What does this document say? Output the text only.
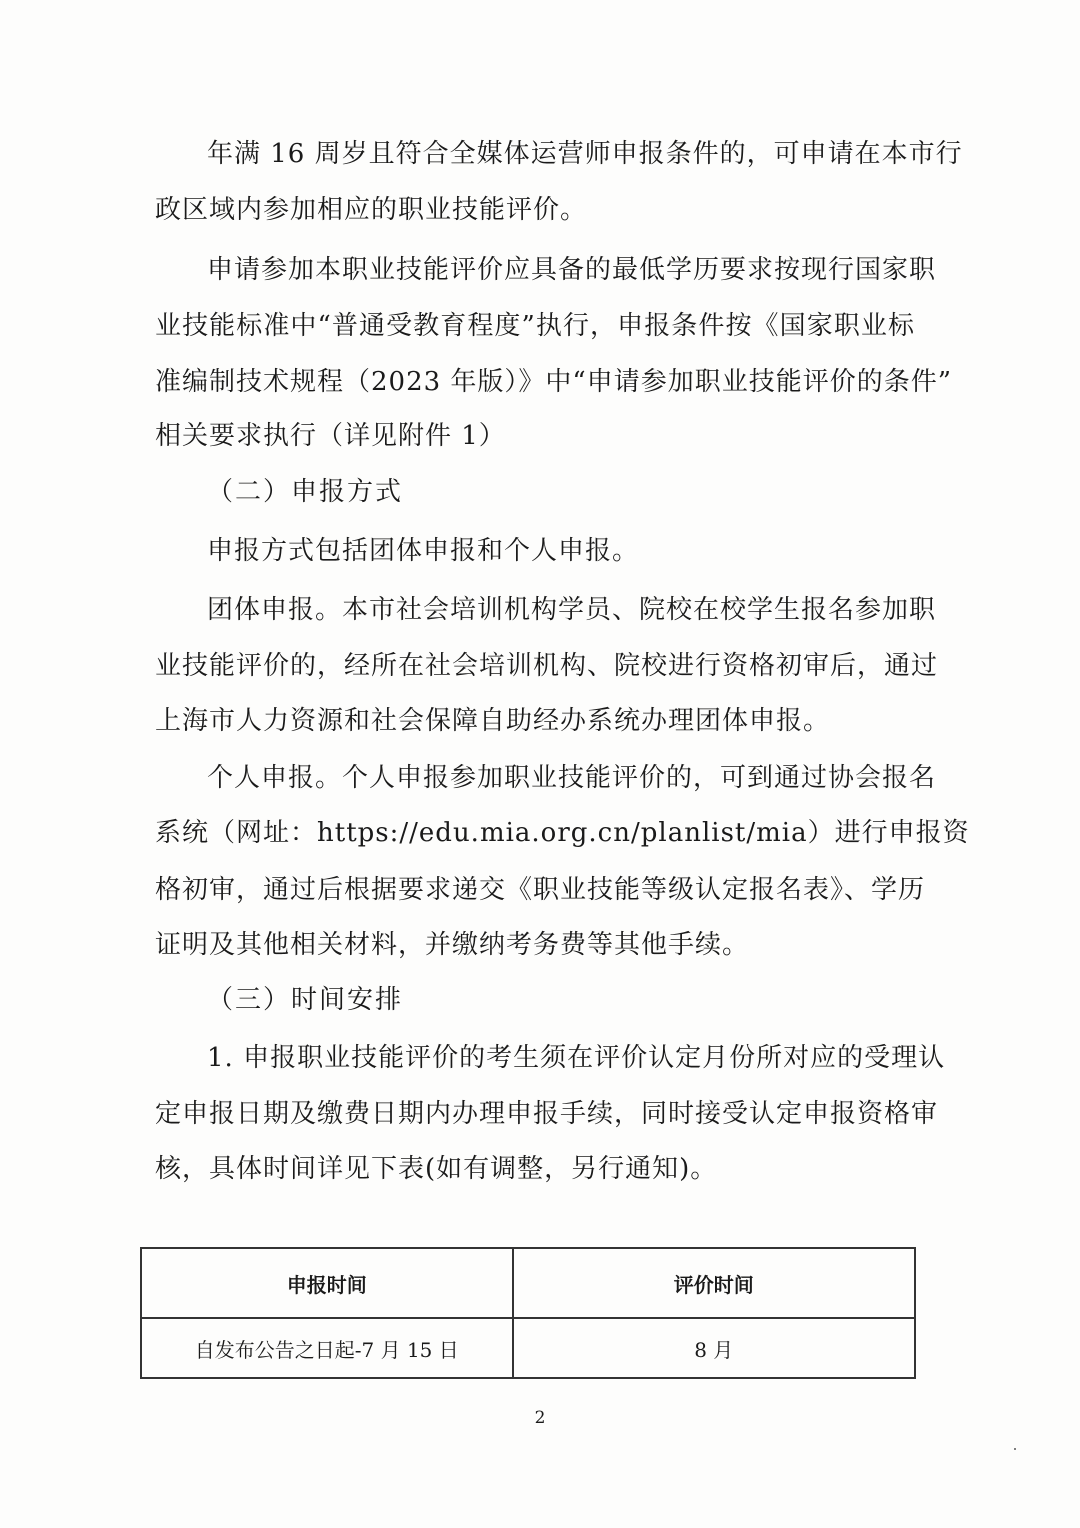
年满 16 周岁且符合全媒体运营师申报条件的，可申请在本市行
政区域内参加相应的职业技能评价。
申请参加本职业技能评价应具备的最低学历要求按现行国家职
业技能标准中“普通受教育程度”执行，申报条件按《国家职业标
准编制技术规程（2023 年版）》中“申请参加职业技能评价的条件”
相关要求执行（详见附件 1）
（二）申报方式
申报方式包括团体申报和个人申报。
团体申报。本市社会培训机构学员、院校在校学生报名参加职
业技能评价的，经所在社会培训机构、院校进行资格初审后，通过
上海市人力资源和社会保障自助经办系统办理团体申报。
个人申报。个人申报参加职业技能评价的，可到通过协会报名
系统（网址：https://edu.mia.org.cn/planlist/mia）进行申报资
格初审，通过后根据要求递交《职业技能等级认定报名表》、学历
证明及其他相关材料，并缴纳考务费等其他手续。
（三）时间安排
1. 申报职业技能评价的考生须在评价认定月份所对应的受理认
定申报日期及缴费日期内办理申报手续，同时接受认定申报资格审
核，具体时间详见下表(如有调整，另行通知)。
申报时间	评价时间
自发布公告之日起-7 月 15 日	8 月
2
